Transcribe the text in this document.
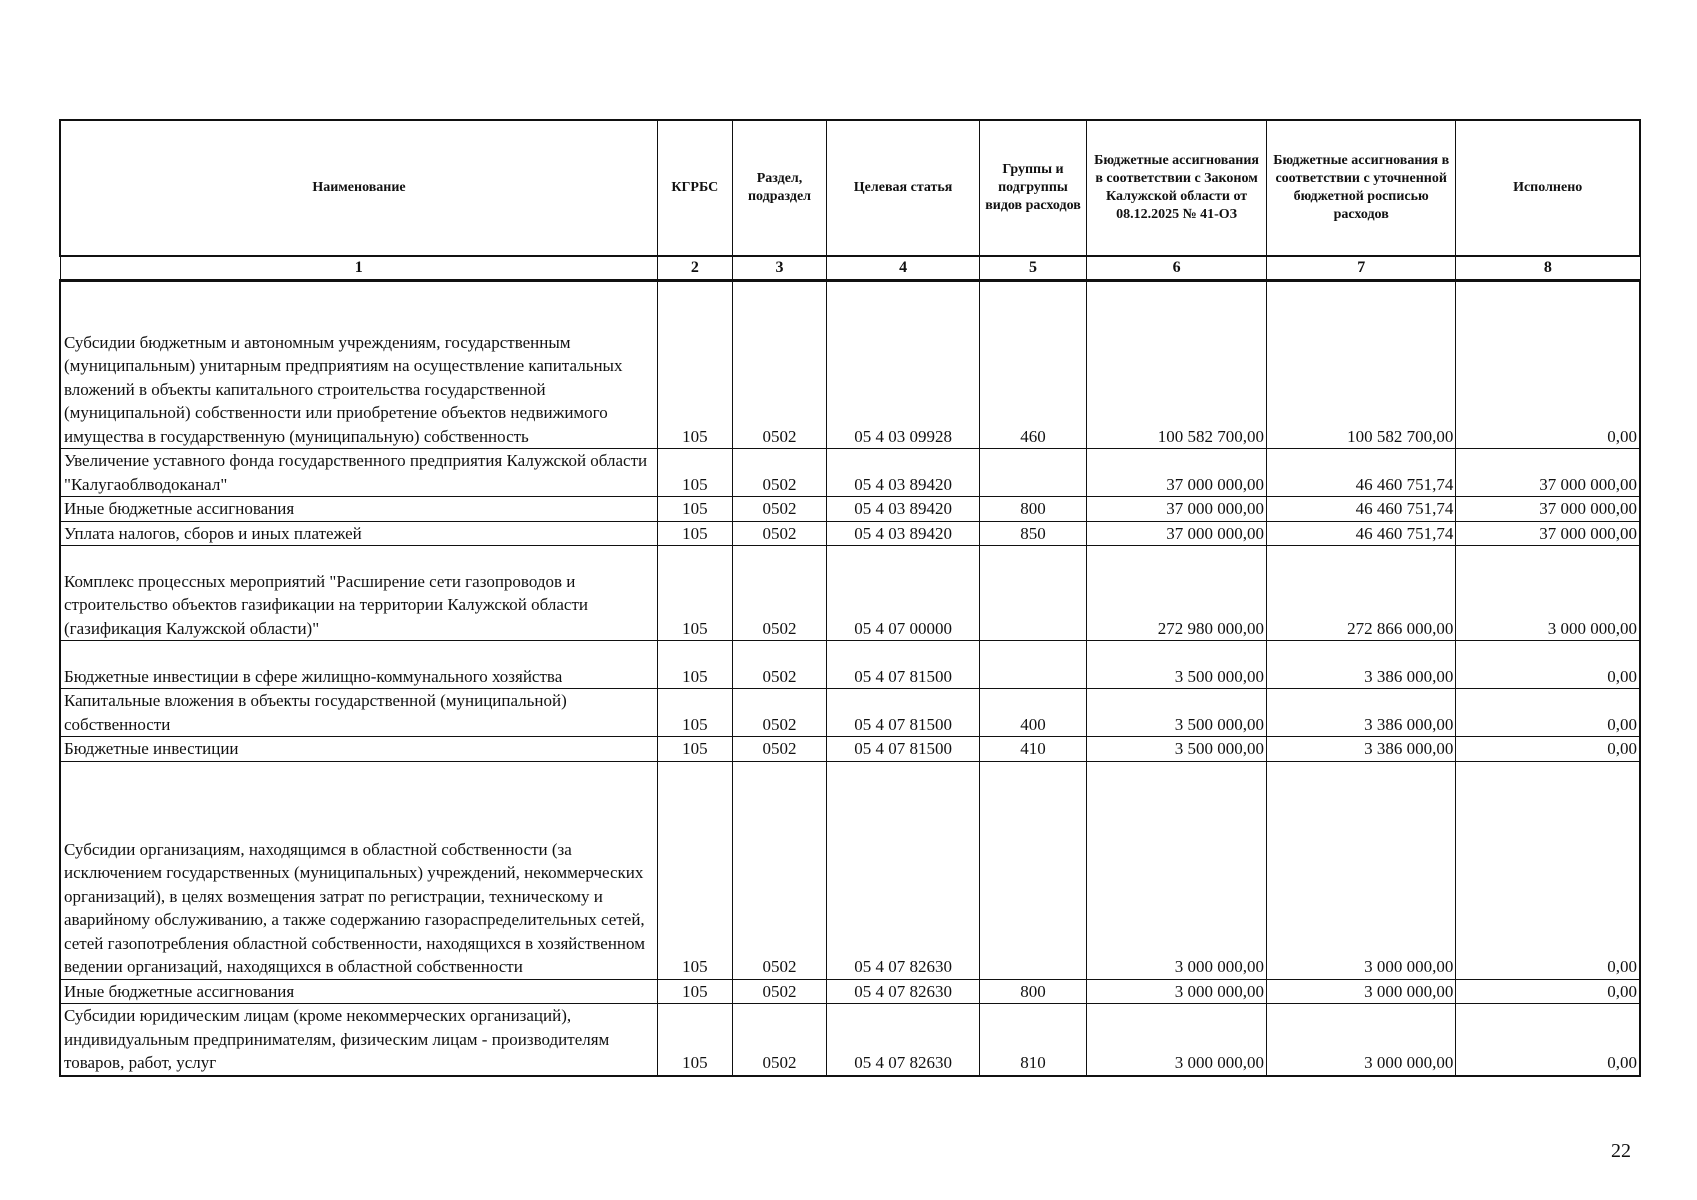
Наименование	КГРБС	Раздел, подраздел	Целевая статья	Группы и подгруппы видов расходов	Бюджетные ассигнования в соответствии с Законом Калужской области от 08.12.2025 № 41-ОЗ	Бюджетные ассигнования в соответствии с уточненной бюджетной росписью расходов	Исполнено
1	2	3	4	5	6	7	8
Субсидии бюджетным и автономным учреждениям, государственным (муниципальным) унитарным предприятиям на осуществление капитальных вложений в объекты капитального строительства государственной (муниципальной) собственности или приобретение объектов недвижимого имущества в государственную (муниципальную) собственность	105	0502	05 4 03 09928	460	100 582 700,00	100 582 700,00	0,00
Увеличение уставного фонда государственного предприятия Калужской области "Калугаоблводоканал"	105	0502	05 4 03 89420		37 000 000,00	46 460 751,74	37 000 000,00
Иные бюджетные ассигнования	105	0502	05 4 03 89420	800	37 000 000,00	46 460 751,74	37 000 000,00
Уплата налогов, сборов и иных платежей	105	0502	05 4 03 89420	850	37 000 000,00	46 460 751,74	37 000 000,00
Комплекс процессных мероприятий "Расширение сети газопроводов и строительство объектов газификации на территории Калужской области (газификация Калужской области)"	105	0502	05 4 07 00000		272 980 000,00	272 866 000,00	3 000 000,00
Бюджетные инвестиции в сфере жилищно-коммунального хозяйства	105	0502	05 4 07 81500		3 500 000,00	3 386 000,00	0,00
Капитальные вложения в объекты государственной (муниципальной) собственности	105	0502	05 4 07 81500	400	3 500 000,00	3 386 000,00	0,00
Бюджетные инвестиции	105	0502	05 4 07 81500	410	3 500 000,00	3 386 000,00	0,00
Субсидии организациям, находящимся в областной собственности (за исключением государственных (муниципальных) учреждений, некоммерческих организаций), в целях возмещения затрат по регистрации, техническому и аварийному обслуживанию, а также содержанию газораспределительных сетей, сетей газопотребления областной собственности, находящихся в хозяйственном ведении организаций, находящихся в областной собственности	105	0502	05 4 07 82630		3 000 000,00	3 000 000,00	0,00
Иные бюджетные ассигнования	105	0502	05 4 07 82630	800	3 000 000,00	3 000 000,00	0,00
Субсидии юридическим лицам (кроме некоммерческих организаций), индивидуальным предпринимателям, физическим лицам - производителям товаров, работ, услуг	105	0502	05 4 07 82630	810	3 000 000,00	3 000 000,00	0,00
22
